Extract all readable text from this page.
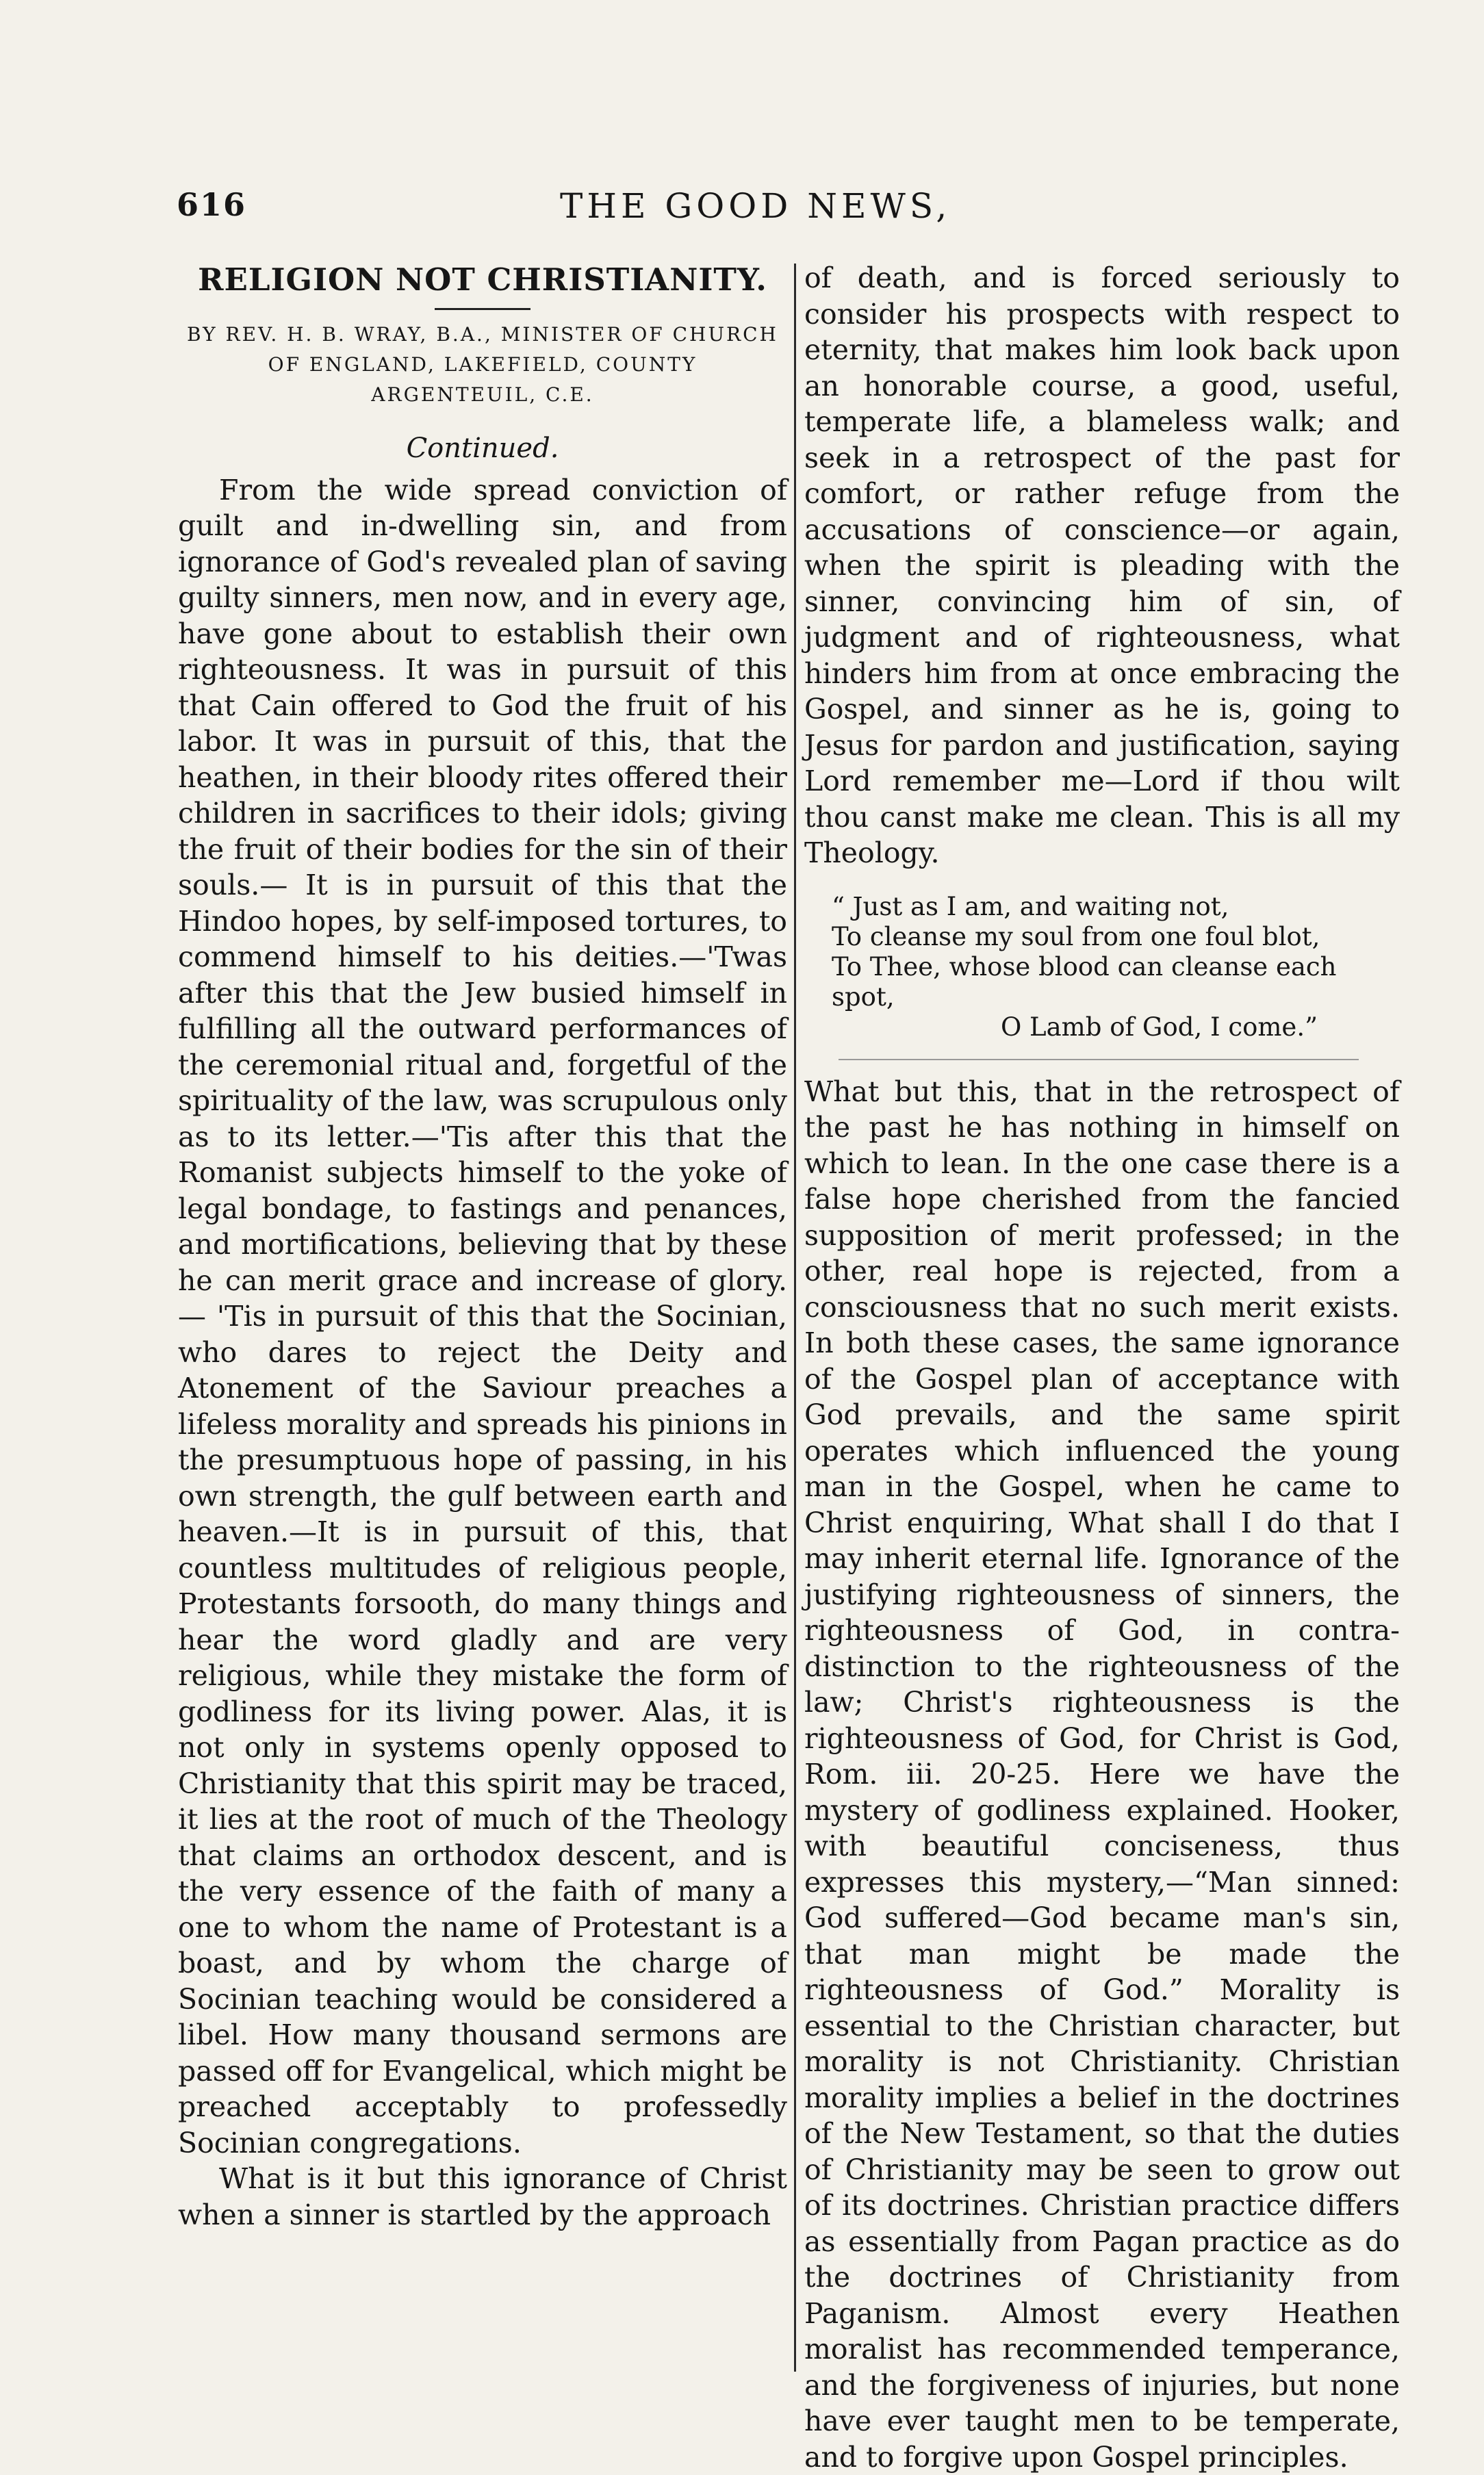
616	THE GOOD NEWS,
RELIGION NOT CHRISTIANITY.
BY REV. H. B. WRAY, B.A., MINISTER OF CHURCH OF ENGLAND, LAKEFIELD, COUNTY ARGENTEUIL, C.E.
Continued.

From the wide spread conviction of guilt and in-dwelling sin, and from ignorance of God's revealed plan of saving guilty sinners, men now, and in every age, have gone about to establish their own righteousness. It was in pursuit of this that Cain offered to God the fruit of his labor. It was in pursuit of this, that the heathen, in their bloody rites offered their children in sacrifices to their idols; giving the fruit of their bodies for the sin of their souls.— It is in pursuit of this that the Hindoo hopes, by self-imposed tortures, to commend himself to his deities.—'Twas after this that the Jew busied himself in fulfilling all the outward performances of the ceremonial ritual and, forgetful of the spirituality of the law, was scrupulous only as to its letter.—'Tis after this that the Romanist subjects himself to the yoke of legal bondage, to fastings and penances, and mortifications, believing that by these he can merit grace and increase of glory.— 'Tis in pursuit of this that the Socinian, who dares to reject the Deity and Atonement of the Saviour preaches a lifeless morality and spreads his pinions in the presumptuous hope of passing, in his own strength, the gulf between earth and heaven.—It is in pursuit of this, that countless multitudes of religious people, Protestants forsooth, do many things and hear the word gladly and are very religious, while they mistake the form of godliness for its living power. Alas, it is not only in systems openly opposed to Christianity that this spirit may be traced, it lies at the root of much of the Theology that claims an orthodox descent, and is the very essence of the faith of many a one to whom the name of Protestant is a boast, and by whom the charge of Socinian teaching would be considered a libel. How many thousand sermons are passed off for Evangelical, which might be preached acceptably to professedly Socinian congregations.

What is it but this ignorance of Christ when a sinner is startled by the approach

of death, and is forced seriously to consider his prospects with respect to eternity, that makes him look back upon an honorable course, a good, useful, temperate life, a blameless walk; and seek in a retrospect of the past for comfort, or rather refuge from the accusations of conscience—or again, when the spirit is pleading with the sinner, convincing him of sin, of judgment and of righteousness, what hinders him from at once embracing the Gospel, and sinner as he is, going to Jesus for pardon and justification, saying Lord remember me—Lord if thou wilt thou canst make me clean. This is all my Theology.

“ Just as I am, and waiting not,
To cleanse my soul from one foul blot,
To Thee, whose blood can cleanse each spot,
O Lamb of God, I come.”

What but this, that in the retrospect of the past he has nothing in himself on which to lean. In the one case there is a false hope cherished from the fancied supposition of merit professed; in the other, real hope is rejected, from a consciousness that no such merit exists. In both these cases, the same ignorance of the Gospel plan of acceptance with God prevails, and the same spirit operates which influenced the young man in the Gospel, when he came to Christ enquiring, What shall I do that I may inherit eternal life. Ignorance of the justifying righteousness of sinners, the righteousness of God, in contra-distinction to the righteousness of the law; Christ's righteousness is the righteousness of God, for Christ is God, Rom. iii. 20-25. Here we have the mystery of godliness explained. Hooker, with beautiful conciseness, thus expresses this mystery,—“Man sinned: God suffered—God became man's sin, that man might be made the righteousness of God.” Morality is essential to the Christian character, but morality is not Christianity. Christian morality implies a belief in the doctrines of the New Testament, so that the duties of Christianity may be seen to grow out of its doctrines. Christian practice differs as essentially from Pagan practice as do the doctrines of Christianity from Paganism. Almost every Heathen moralist has recommended temperance, and the forgiveness of injuries, but none have ever taught men to be temperate, and to forgive upon Gospel principles.
